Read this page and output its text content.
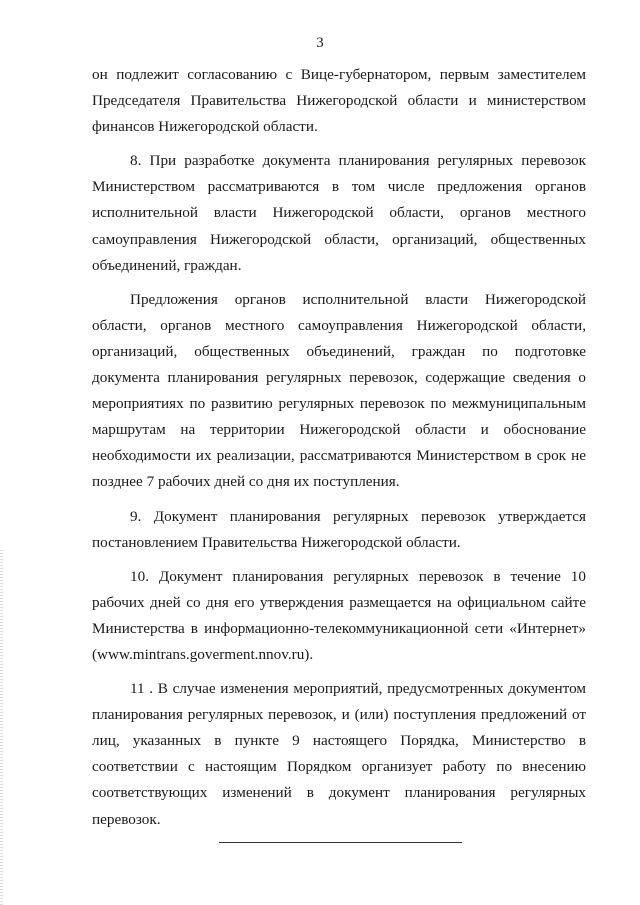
3

он подлежит согласованию с Вице-губернатором, первым заместителем Председателя Правительства Нижегородской области и министерством финансов Нижегородской области.

8. При разработке документа планирования регулярных перевозок Министерством рассматриваются в том числе предложения органов исполнительной власти Нижегородской области, органов местного самоуправления Нижегородской области, организаций, общественных объединений, граждан.

Предложения органов исполнительной власти Нижегородской области, органов местного самоуправления Нижегородской области, организаций, общественных объединений, граждан по подготовке документа планирования регулярных перевозок, содержащие сведения о мероприятиях по развитию регулярных перевозок по межмуниципальным маршрутам на территории Нижегородской области и обоснование необходимости их реализации, рассматриваются Министерством в срок не позднее 7 рабочих дней со дня их поступления.

9. Документ планирования регулярных перевозок утверждается постановлением Правительства Нижегородской области.

10. Документ планирования регулярных перевозок в течение 10 рабочих дней со дня его утверждения размещается на официальном сайте Министерства в информационно-телекоммуникационной сети «Интернет» (www.mintrans.goverment.nnov.ru).

11 . В случае изменения мероприятий, предусмотренных документом планирования регулярных перевозок, и (или) поступления предложений от лиц, указанных в пункте 9 настоящего Порядка, Министерство в соответствии с настоящим Порядком организует работу по внесению соответствующих изменений в документ планирования регулярных перевозок.
